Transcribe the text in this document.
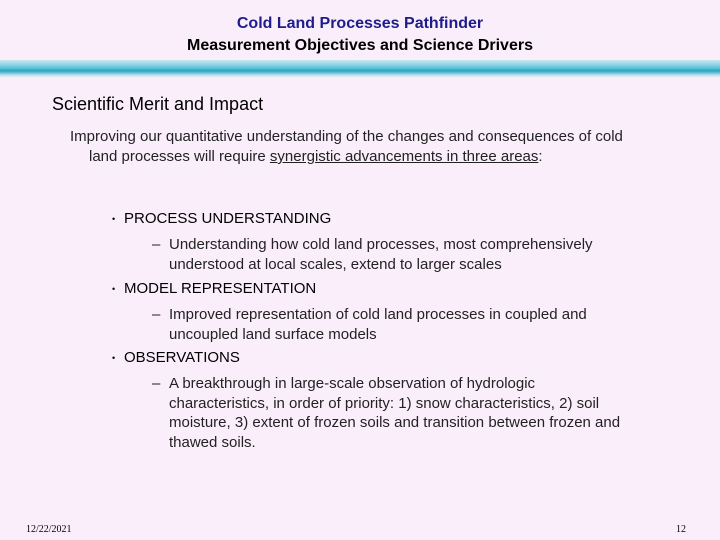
Cold Land Processes Pathfinder
Measurement Objectives and Science Drivers
Scientific Merit and Impact
Improving our quantitative understanding of the changes and consequences of cold
land processes will require synergistic advancements in three areas:
• PROCESS UNDERSTANDING
– Understanding how cold land processes, most comprehensively
understood at local scales, extend to larger scales
• MODEL REPRESENTATION
– Improved representation of cold land processes in coupled and
uncoupled land surface models
• OBSERVATIONS
– A breakthrough in large-scale observation of hydrologic
characteristics, in order of priority: 1) snow characteristics, 2) soil
moisture, 3) extent of frozen soils and transition between frozen and
thawed soils.
12/22/2021	12
